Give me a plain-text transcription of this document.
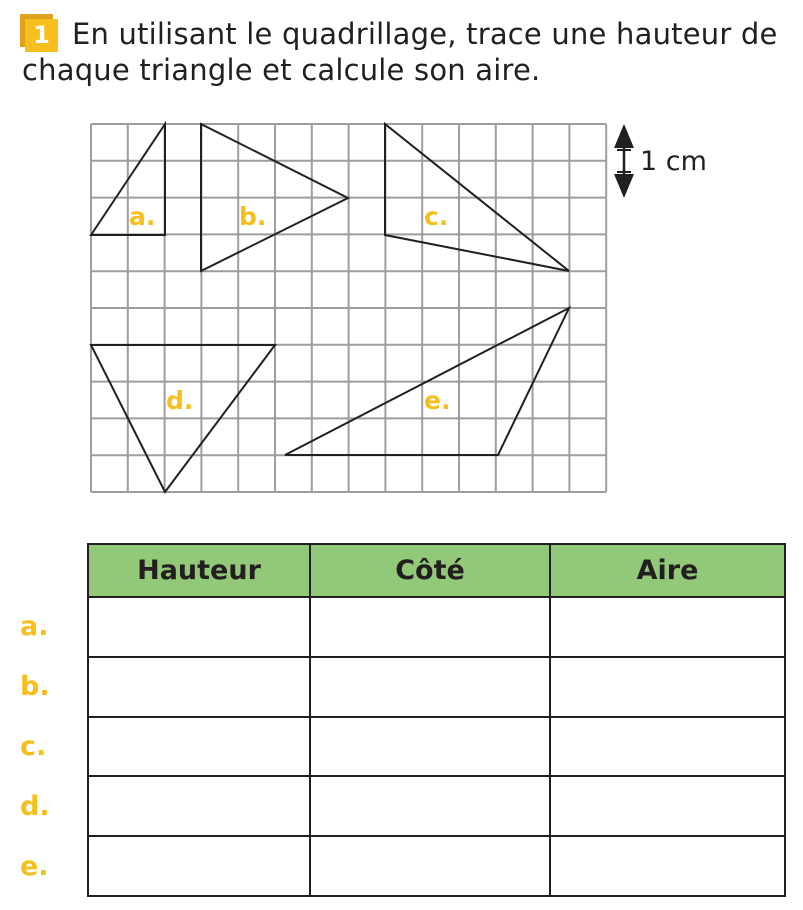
1 En utilisant le quadrillage, trace une hauteur de chaque triangle et calcule son aire.

a.	b.	c.
d.	e.
1 cm
Hauteur	Côté	Aire

a.
b.
c.
d.
e.
